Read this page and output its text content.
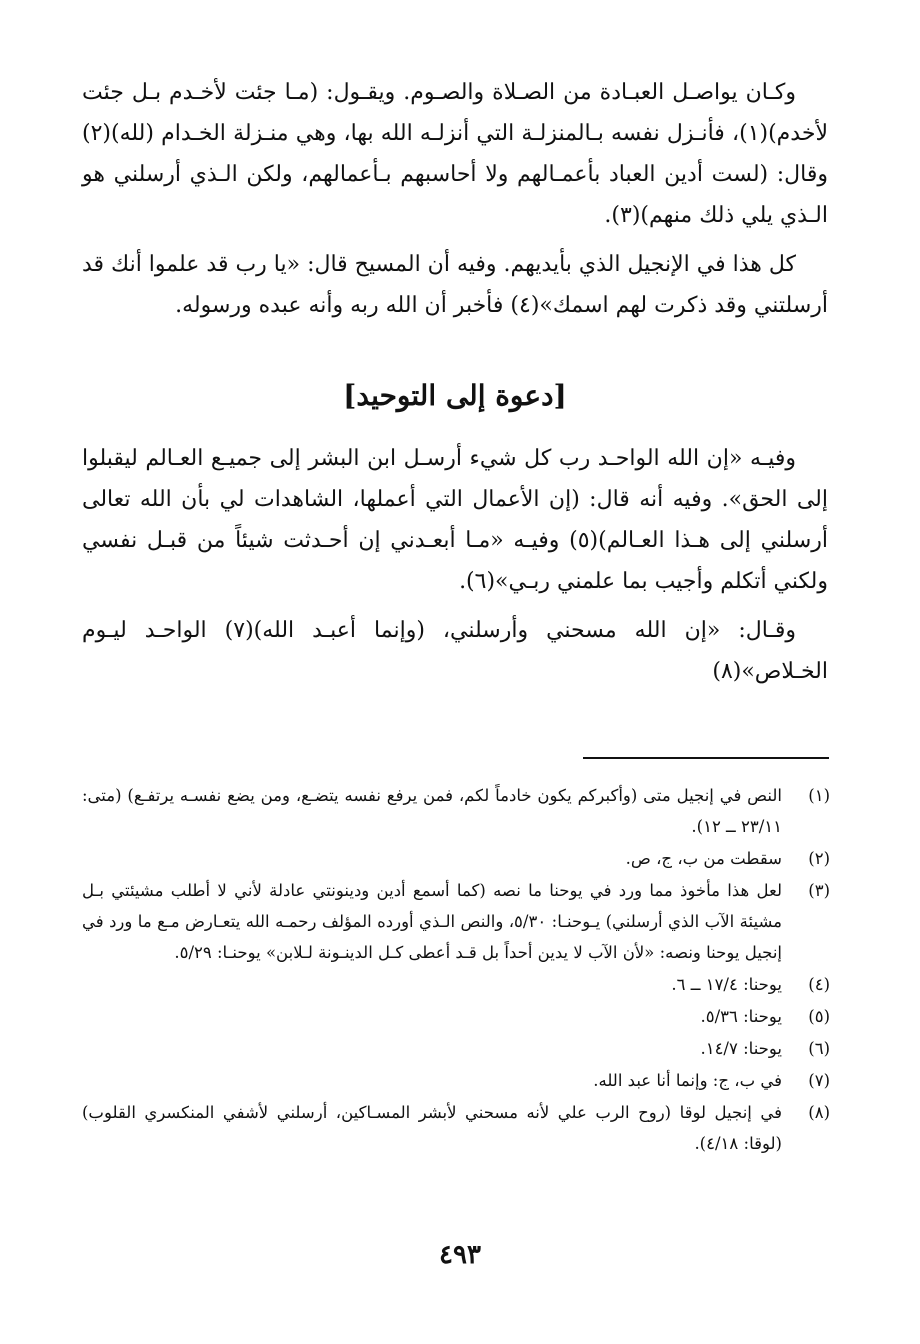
وكـان يواصـل العبـادة من الصـلاة والصـوم. ويقـول: (مـا جئت لأخـدم بـل جئت لأخدم)(١)، فأنـزل نفسه بـالمنزلـة التي أنزلـه الله بها، وهي منـزلة الخـدام (لله)(٢) وقال: (لست أدين العباد بأعمـالهم ولا أحاسبهم بـأعمالهم، ولكن الـذي أرسلني هو الـذي يلي ذلك منهم)(٣).

كل هذا في الإنجيل الذي بأيديهم. وفيه أن المسيح قال: «يا رب قد علموا أنك قد أرسلتني وقد ذكرت لهم اسمك»(٤) فأخبر أن الله ربه وأنه عبده ورسوله.

[دعوة إلى التوحيد]

وفيـه «إن الله الواحـد رب كل شيء أرسـل ابن البشر إلى جميـع العـالم ليقبلوا إلى الحق». وفيه أنه قال: (إن الأعمال التي أعملها، الشاهدات لي بأن الله تعالى أرسلني إلى هـذا العـالم)(٥) وفيـه «مـا أبعـدني إن أحـدثت شيئاً من قبـل نفسي ولكني أتكلم وأجيب بما علمني ربـي»(٦).

وقـال: «إن الله مسحني وأرسلني، (وإنما أعبـد الله)(٧) الواحـد ليـوم الخـلاص»(٨)

(١)
النص في إنجيل متى (وأكبركم يكون خادماً لكم، فمن يرفع نفسه يتضـع، ومن يضع نفسـه يرتفـع) (متى: ٢٣/١١ ــ ١٢).
(٢)
سقطت من ب، ج، ص.
(٣)
لعل هذا مأخوذ مما ورد في يوحنا ما نصه (كما أسمع أدين ودينونتي عادلة لأني لا أطلب مشيئتي بـل مشيئة الآب الذي أرسلني) يـوحنـا: ٥/٣٠، والنص الـذي أورده المؤلف رحمـه الله يتعـارض مـع ما ورد في إنجيل يوحنا ونصه: «لأن الآب لا يدين أحداً بل قـد أعطى كـل الدينـونة لـلابن» يوحنـا: ٥/٢٩.
(٤)
يوحنا: ١٧/٤ ــ ٦.
(٥)
يوحنا: ٥/٣٦.
(٦)
يوحنا: ١٤/٧.
(٧)
في ب، ج: وإنما أنا عبد الله.
(٨)
في إنجيل لوقا (روح الرب علي لأنه مسحني لأبشر المسـاكين، أرسلني لأشفي المنكسري القلوب) (لوقا: ٤/١٨).
٤٩٣
